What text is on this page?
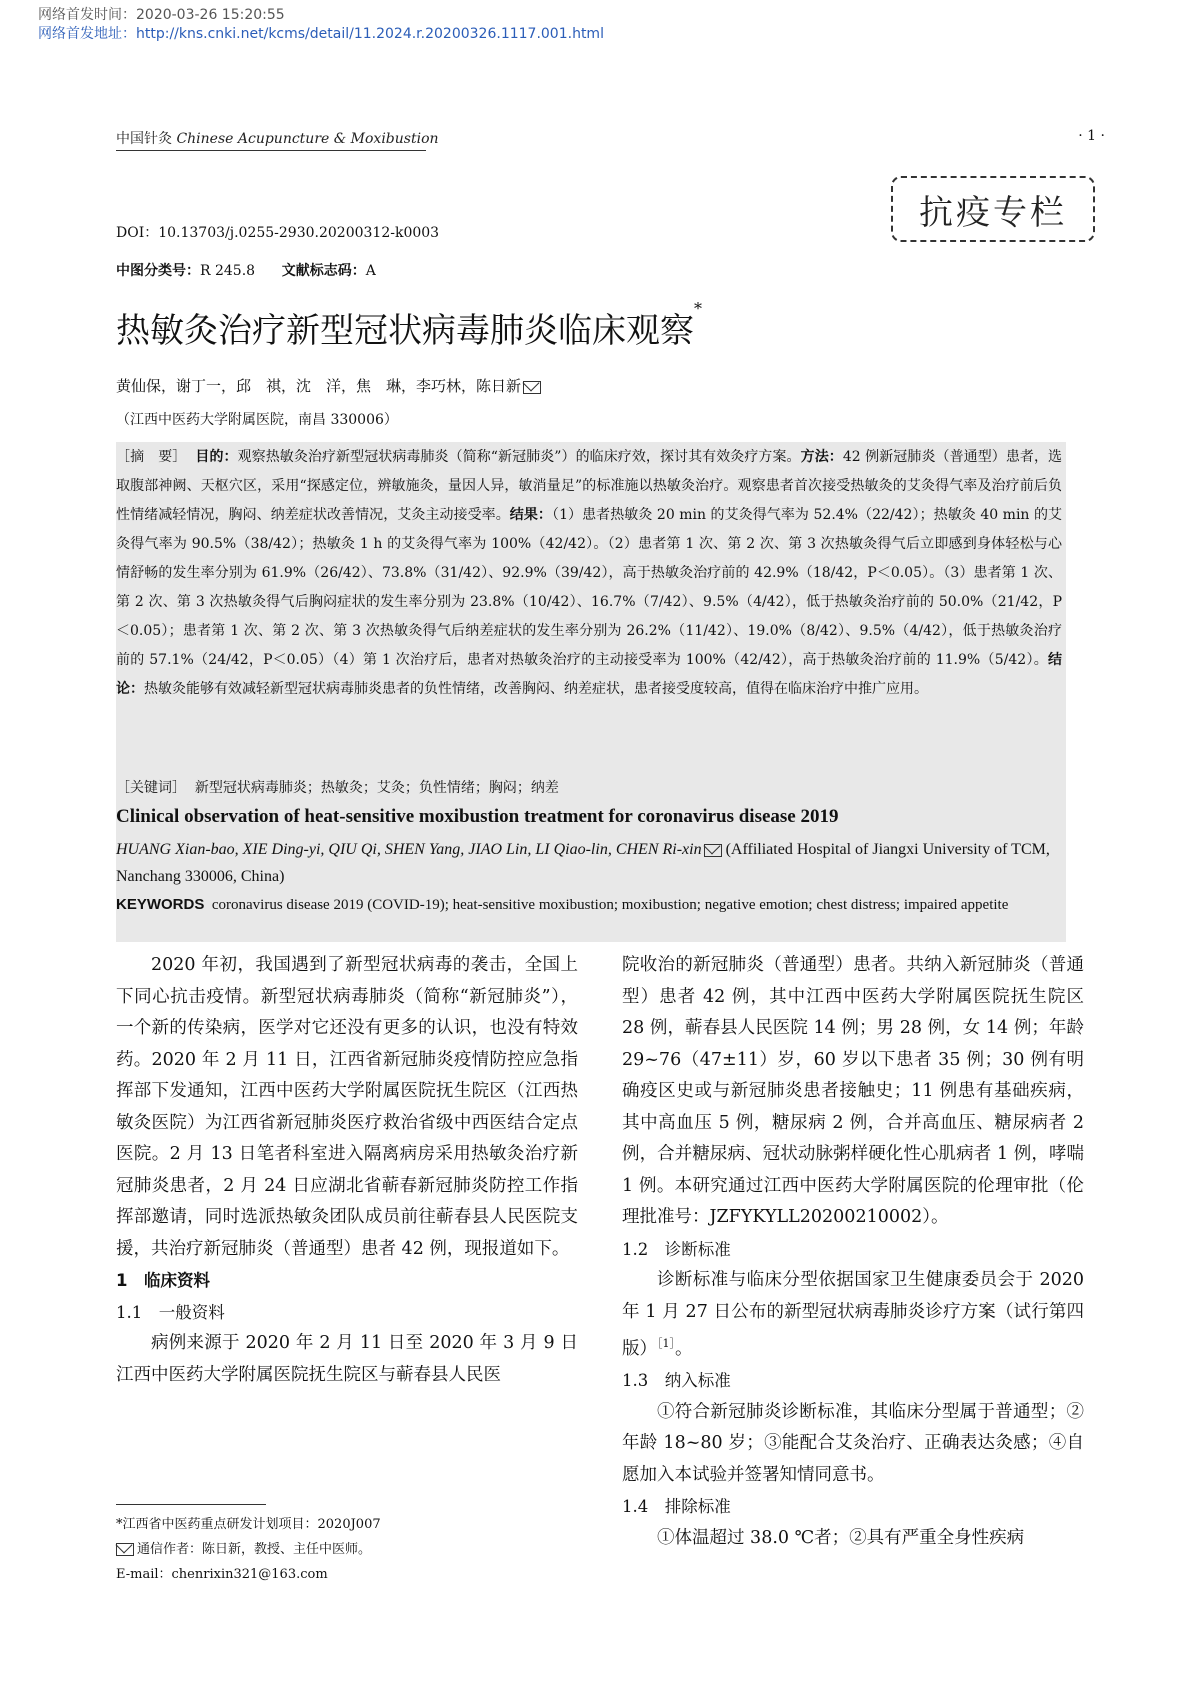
网络首发时间：2020-03-26 15:20:55
网络首发地址：http://kns.cnki.net/kcms/detail/11.2024.r.20200326.1117.001.html
中国针灸 Chinese Acupuncture & Moxibustion	· 1 ·
抗疫专栏
DOI：10.13703/j.0255-2930.20200312-k0003
中图分类号：R 245.8 文献标志码：A
热敏灸治疗新型冠状病毒肺炎临床观察*
黄仙保，谢丁一，邱　祺，沈　洋，焦　琳，李巧林，陈日新
（江西中医药大学附属医院，南昌 330006）
［摘　要］ 目的：观察热敏灸治疗新型冠状病毒肺炎（简称“新冠肺炎”）的临床疗效，探讨其有效灸疗方案。方法：42 例新冠肺炎（普通型）患者，选取腹部神阙、天枢穴区，采用“探感定位，辨敏施灸，量因人异，敏消量足”的标准施以热敏灸治疗。观察患者首次接受热敏灸的艾灸得气率及治疗前后负性情绪减轻情况，胸闷、纳差症状改善情况，艾灸主动接受率。结果：（1）患者热敏灸 20 min 的艾灸得气率为 52.4%（22/42）；热敏灸 40 min 的艾灸得气率为 90.5%（38/42）；热敏灸 1 h 的艾灸得气率为 100%（42/42）。（2）患者第 1 次、第 2 次、第 3 次热敏灸得气后立即感到身体轻松与心情舒畅的发生率分别为 61.9%（26/42）、73.8%（31/42）、92.9%（39/42），高于热敏灸治疗前的 42.9%（18/42，P＜0.05）。（3）患者第 1 次、第 2 次、第 3 次热敏灸得气后胸闷症状的发生率分别为 23.8%（10/42）、16.7%（7/42）、9.5%（4/42），低于热敏灸治疗前的 50.0%（21/42，P＜0.05）；患者第 1 次、第 2 次、第 3 次热敏灸得气后纳差症状的发生率分别为 26.2%（11/42）、19.0%（8/42）、9.5%（4/42），低于热敏灸治疗前的 57.1%（24/42，P＜0.05）（4）第 1 次治疗后，患者对热敏灸治疗的主动接受率为 100%（42/42），高于热敏灸治疗前的 11.9%（5/42）。结论：热敏灸能够有效减轻新型冠状病毒肺炎患者的负性情绪，改善胸闷、纳差症状，患者接受度较高，值得在临床治疗中推广应用。
［关键词］ 新型冠状病毒肺炎；热敏灸；艾灸；负性情绪；胸闷；纳差
Clinical observation of heat-sensitive moxibustion treatment for coronavirus disease 2019
HUANG Xian-bao, XIE Ding-yi, QIU Qi, SHEN Yang, JIAO Lin, LI Qiao-lin, CHEN Ri-xin (Affiliated Hospital of Jiangxi University of TCM, Nanchang 330006, China)
KEYWORDS coronavirus disease 2019 (COVID-19); heat-sensitive moxibustion; moxibustion; negative emotion; chest distress; impaired appetite

2020 年初，我国遇到了新型冠状病毒的袭击，全国上下同心抗击疫情。新型冠状病毒肺炎（简称“新冠肺炎”），一个新的传染病，医学对它还没有更多的认识，也没有特效药。2020 年 2 月 11 日，江西省新冠肺炎疫情防控应急指挥部下发通知，江西中医药大学附属医院抚生院区（江西热敏灸医院）为江西省新冠肺炎医疗救治省级中西医结合定点医院。2 月 13 日笔者科室进入隔离病房采用热敏灸治疗新冠肺炎患者，2 月 24 日应湖北省蕲春新冠肺炎防控工作指挥部邀请，同时选派热敏灸团队成员前往蕲春县人民医院支援，共治疗新冠肺炎（普通型）患者 42 例，现报道如下。

1　临床资料

1.1　一般资料

病例来源于 2020 年 2 月 11 日至 2020 年 3 月 9 日江西中医药大学附属医院抚生院区与蕲春县人民医

院收治的新冠肺炎（普通型）患者。共纳入新冠肺炎（普通型）患者 42 例，其中江西中医药大学附属医院抚生院区 28 例，蕲春县人民医院 14 例；男 28 例，女 14 例；年龄 29~76（47±11）岁，60 岁以下患者 35 例；30 例有明确疫区史或与新冠肺炎患者接触史；11 例患有基础疾病，其中高血压 5 例，糖尿病 2 例，合并高血压、糖尿病者 2 例，合并糖尿病、冠状动脉粥样硬化性心肌病者 1 例，哮喘 1 例。本研究通过江西中医药大学附属医院的伦理审批（伦理批准号：JZFYKYLL20200210002）。

1.2　诊断标准

诊断标准与临床分型依据国家卫生健康委员会于 2020 年 1 月 27 日公布的新型冠状病毒肺炎诊疗方案（试行第四版）$^{[1]}$。

1.3　纳入标准

①符合新冠肺炎诊断标准，其临床分型属于普通型；②年龄 18~80 岁；③能配合艾灸治疗、正确表达灸感；④自愿加入本试验并签署知情同意书。

1.4　排除标准

①体温超过 38.0 ℃者；②具有严重全身性疾病

*江西省中医药重点研发计划项目：2020J007
通信作者：陈日新，教授、主任中医师。
E-mail：chenrixin321@163.com
